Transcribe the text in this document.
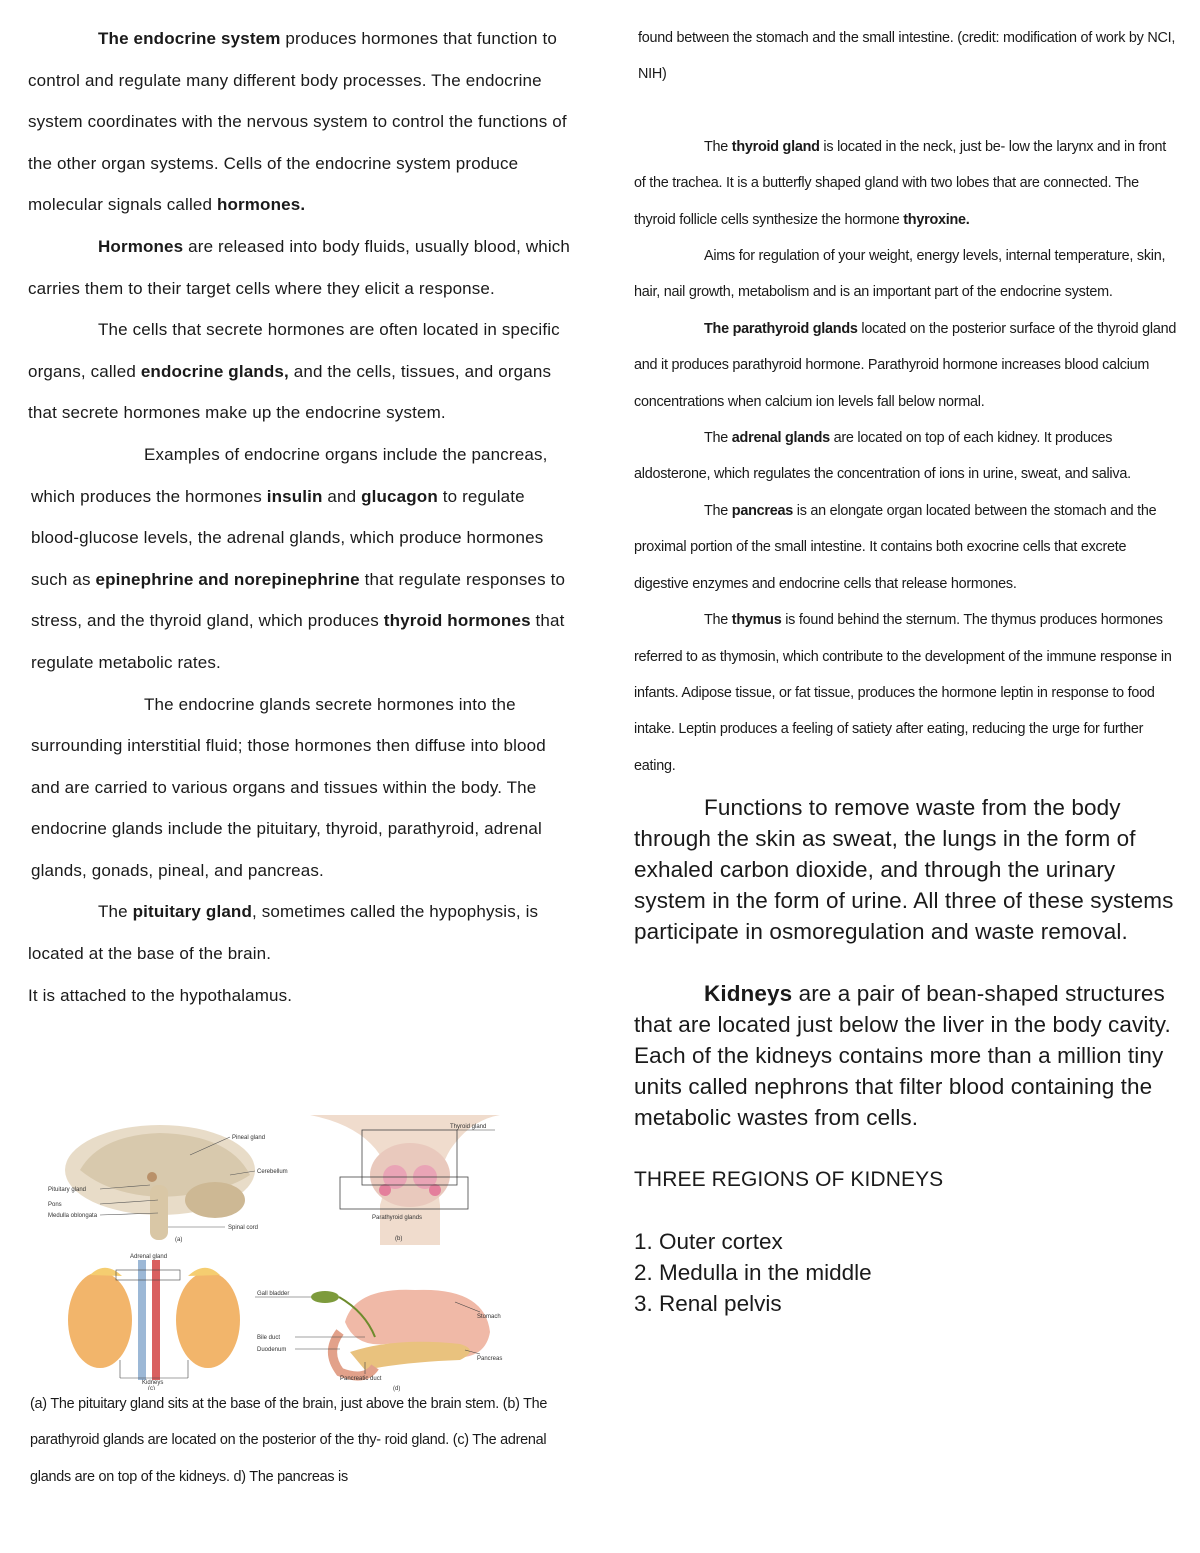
The endocrine system produces hormones that function to control and regulate many different body processes. The endocrine system coordinates with the nervous system to control the functions of the other organ systems. Cells of the endocrine system produce molecular signals called hormones.

Hormones are released into body fluids, usually blood, which carries them to their target cells where they elicit a response.

The cells that secrete hormones are often located in specific organs, called endocrine glands, and the cells, tissues, and organs that secrete hormones make up the endocrine system.

Examples of endocrine organs include the pancreas, which produces the hormones insulin and glucagon to regulate blood-glucose levels, the adrenal glands, which produce hormones such as epinephrine and norepinephrine that regulate responses to stress, and the thyroid gland, which produces thyroid hormones that regulate metabolic rates.

The endocrine glands secrete hormones into the surrounding interstitial fluid; those hormones then diffuse into blood and are carried to various organs and tissues within the body. The endocrine glands include the pituitary, thyroid, parathyroid, adrenal glands, gonads, pineal, and pancreas.

The pituitary gland, sometimes called the hypophysis, is located at the base of the brain.

It is attached to the hypothalamus.

Pineal gland
Cerebellum
Pituitary gland
Pons
Medulla oblongata
Spinal cord
(a)
Thyroid gland
Parathyroid glands
(b)
Adrenal gland
Kidneys
(c)
Gall bladder
Bile duct
Duodenum
Pancreatic duct
Stomach
Pancreas
(d)

(a) The pituitary gland sits at the base of the brain, just above the brain stem. (b) The parathyroid glands are located on the posterior of the thy- roid gland. (c) The adrenal glands are on top of the kidneys. d) The pancreas is

found between the stomach and the small intestine. (credit: modification of work by NCI, NIH)

The thyroid gland is located in the neck, just be- low the larynx and in front of the trachea. It is a butterfly shaped gland with two lobes that are connected. The thyroid follicle cells synthesize the hormone thyroxine.

Aims for regulation of your weight, energy levels, internal temperature, skin, hair, nail growth, metabolism and is an important part of the endocrine system.

The parathyroid glands located on the posterior surface of the thyroid gland and it produces parathyroid hormone. Parathyroid hormone increases blood calcium concentrations when calcium ion levels fall below normal.

The adrenal glands are located on top of each kidney. It produces aldosterone, which regulates the concentration of ions in urine, sweat, and saliva.

The pancreas is an elongate organ located between the stomach and the proximal portion of the small intestine. It contains both exocrine cells that excrete digestive enzymes and endocrine cells that release hormones.

The thymus is found behind the sternum. The thymus produces hormones referred to as thymosin, which contribute to the development of the immune response in infants. Adipose tissue, or fat tissue, produces the hormone leptin in response to food intake. Leptin produces a feeling of satiety after eating, reducing the urge for further eating.

Functions to remove waste from the body through the skin as sweat, the lungs in the form of exhaled carbon dioxide, and through the urinary system in the form of urine. All three of these systems participate in osmoregulation and waste removal.

Kidneys are a pair of bean-shaped structures that are located just below the liver in the body cavity. Each of the kidneys contains more than a million tiny units called nephrons that filter blood containing the metabolic wastes from cells.

THREE REGIONS OF KIDNEYS

1. Outer cortex
2. Medulla in the middle
3. Renal pelvis
